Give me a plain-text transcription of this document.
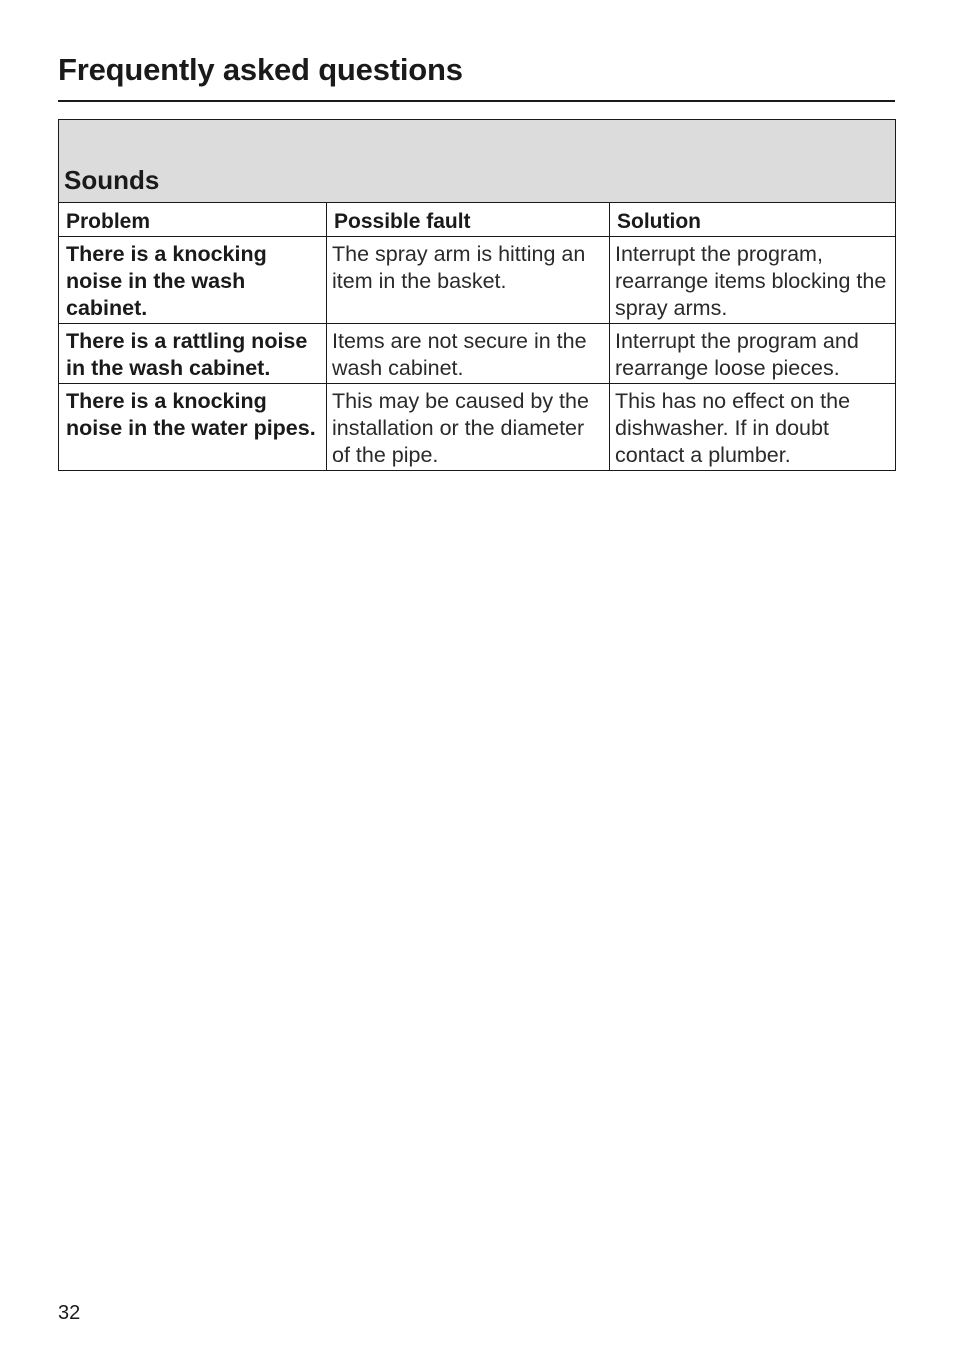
Frequently asked questions
Sounds		
Problem	Possible fault	Solution
There is a knocking noise in the wash cabinet.	The spray arm is hitting an item in the basket.	Interrupt the program, rearrange items blocking the spray arms.
There is a rattling noise in the wash cabinet.	Items are not secure in the wash cabinet.	Interrupt the program and rearrange loose pieces.
There is a knocking noise in the water pipes.	This may be caused by the installation or the diameter of the pipe.	This has no effect on the dishwasher. If in doubt contact a plumber.
32
